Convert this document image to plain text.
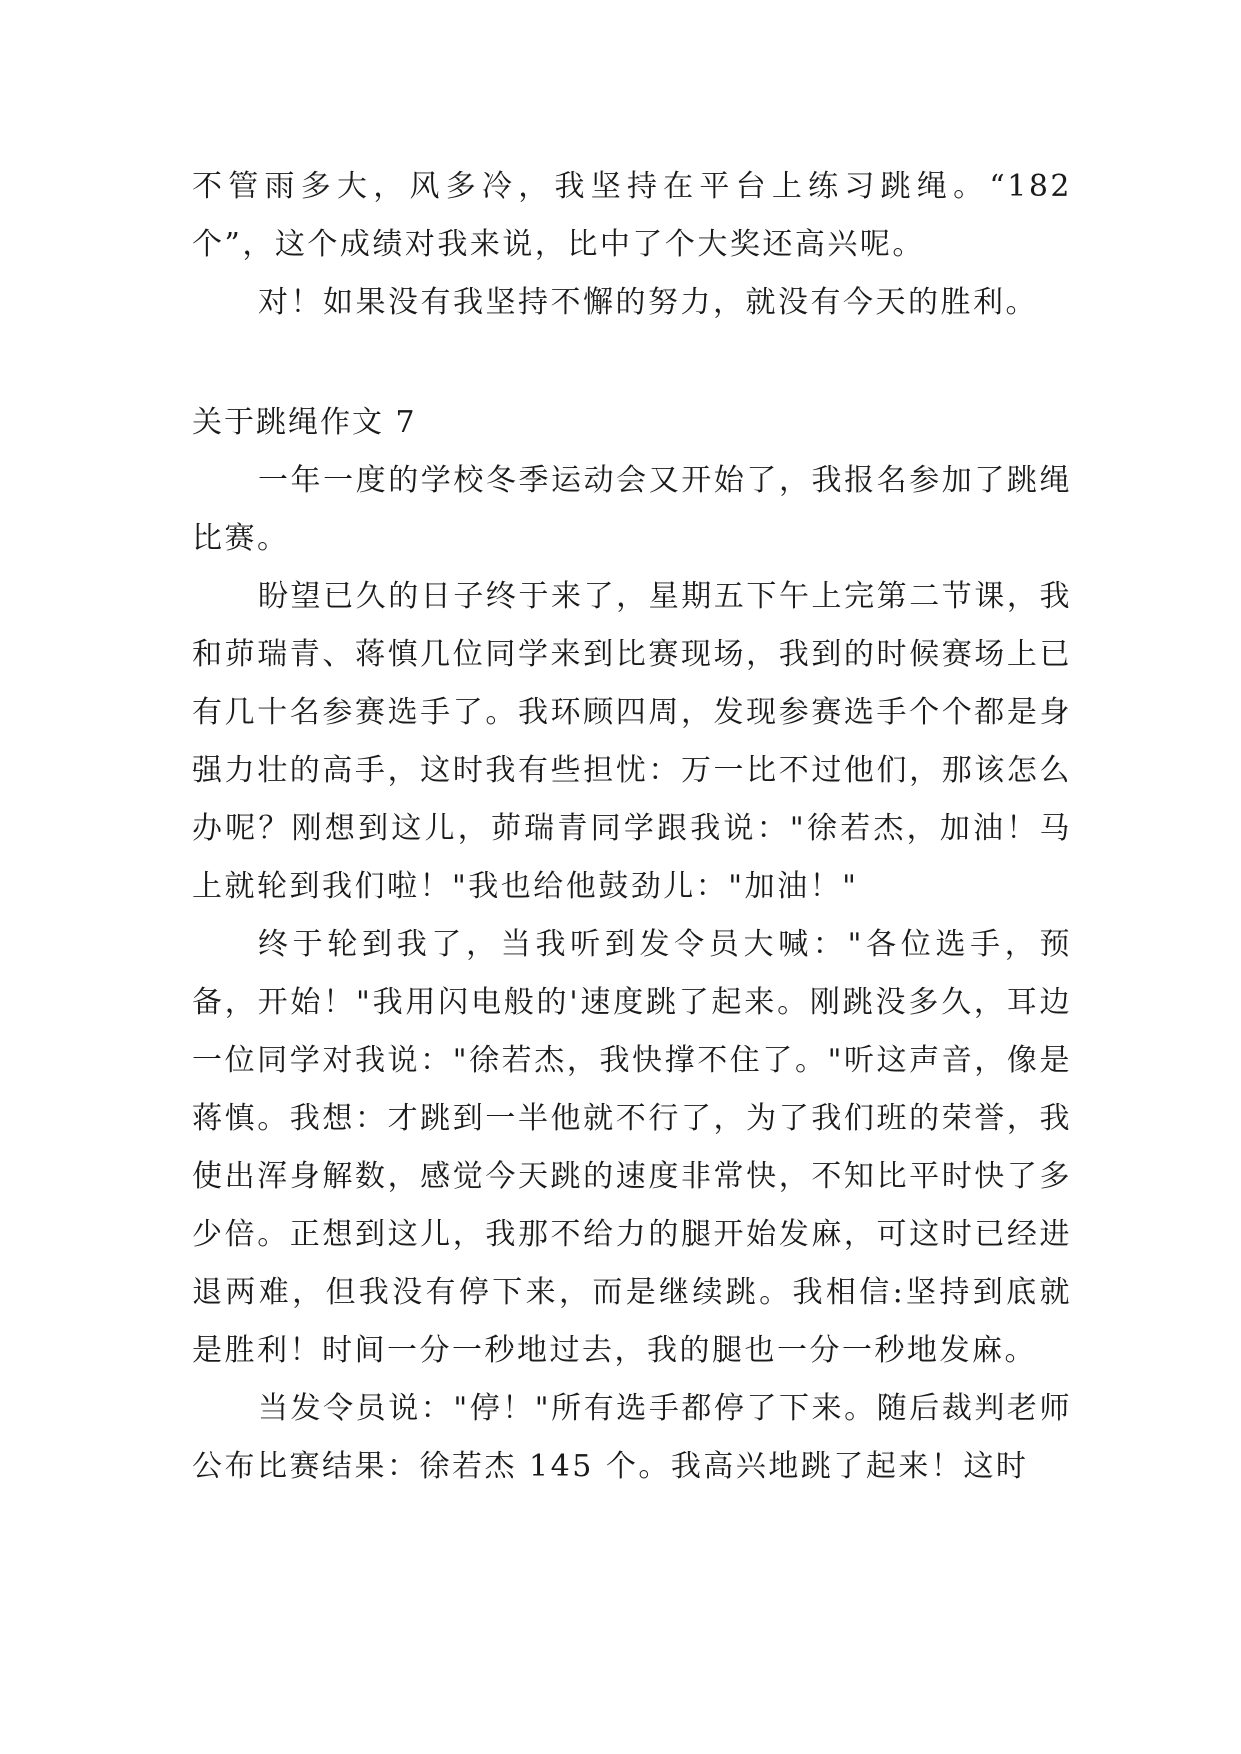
不管雨多大，风多冷，我坚持在平台上练习跳绳。“182个”，这个成绩对我来说，比中了个大奖还高兴呢。

对！如果没有我坚持不懈的努力，就没有今天的胜利。

关于跳绳作文 7

一年一度的学校冬季运动会又开始了，我报名参加了跳绳比赛。

盼望已久的日子终于来了，星期五下午上完第二节课，我和茆瑞青、蒋慎几位同学来到比赛现场，我到的时候赛场上已有几十名参赛选手了。我环顾四周，发现参赛选手个个都是身强力壮的高手，这时我有些担忧：万一比不过他们，那该怎么办呢？刚想到这儿，茆瑞青同学跟我说："徐若杰，加油！马上就轮到我们啦！"我也给他鼓劲儿："加油！"

终于轮到我了，当我听到发令员大喊："各位选手，预备，开始！"我用闪电般的'速度跳了起来。刚跳没多久，耳边一位同学对我说："徐若杰，我快撑不住了。"听这声音，像是蒋慎。我想：才跳到一半他就不行了，为了我们班的荣誉，我使出浑身解数，感觉今天跳的速度非常快，不知比平时快了多少倍。正想到这儿，我那不给力的腿开始发麻，可这时已经进退两难，但我没有停下来，而是继续跳。我相信:坚持到底就是胜利！时间一分一秒地过去，我的腿也一分一秒地发麻。

当发令员说："停！"所有选手都停了下来。随后裁判老师公布比赛结果：徐若杰 145 个。我高兴地跳了起来！这时
